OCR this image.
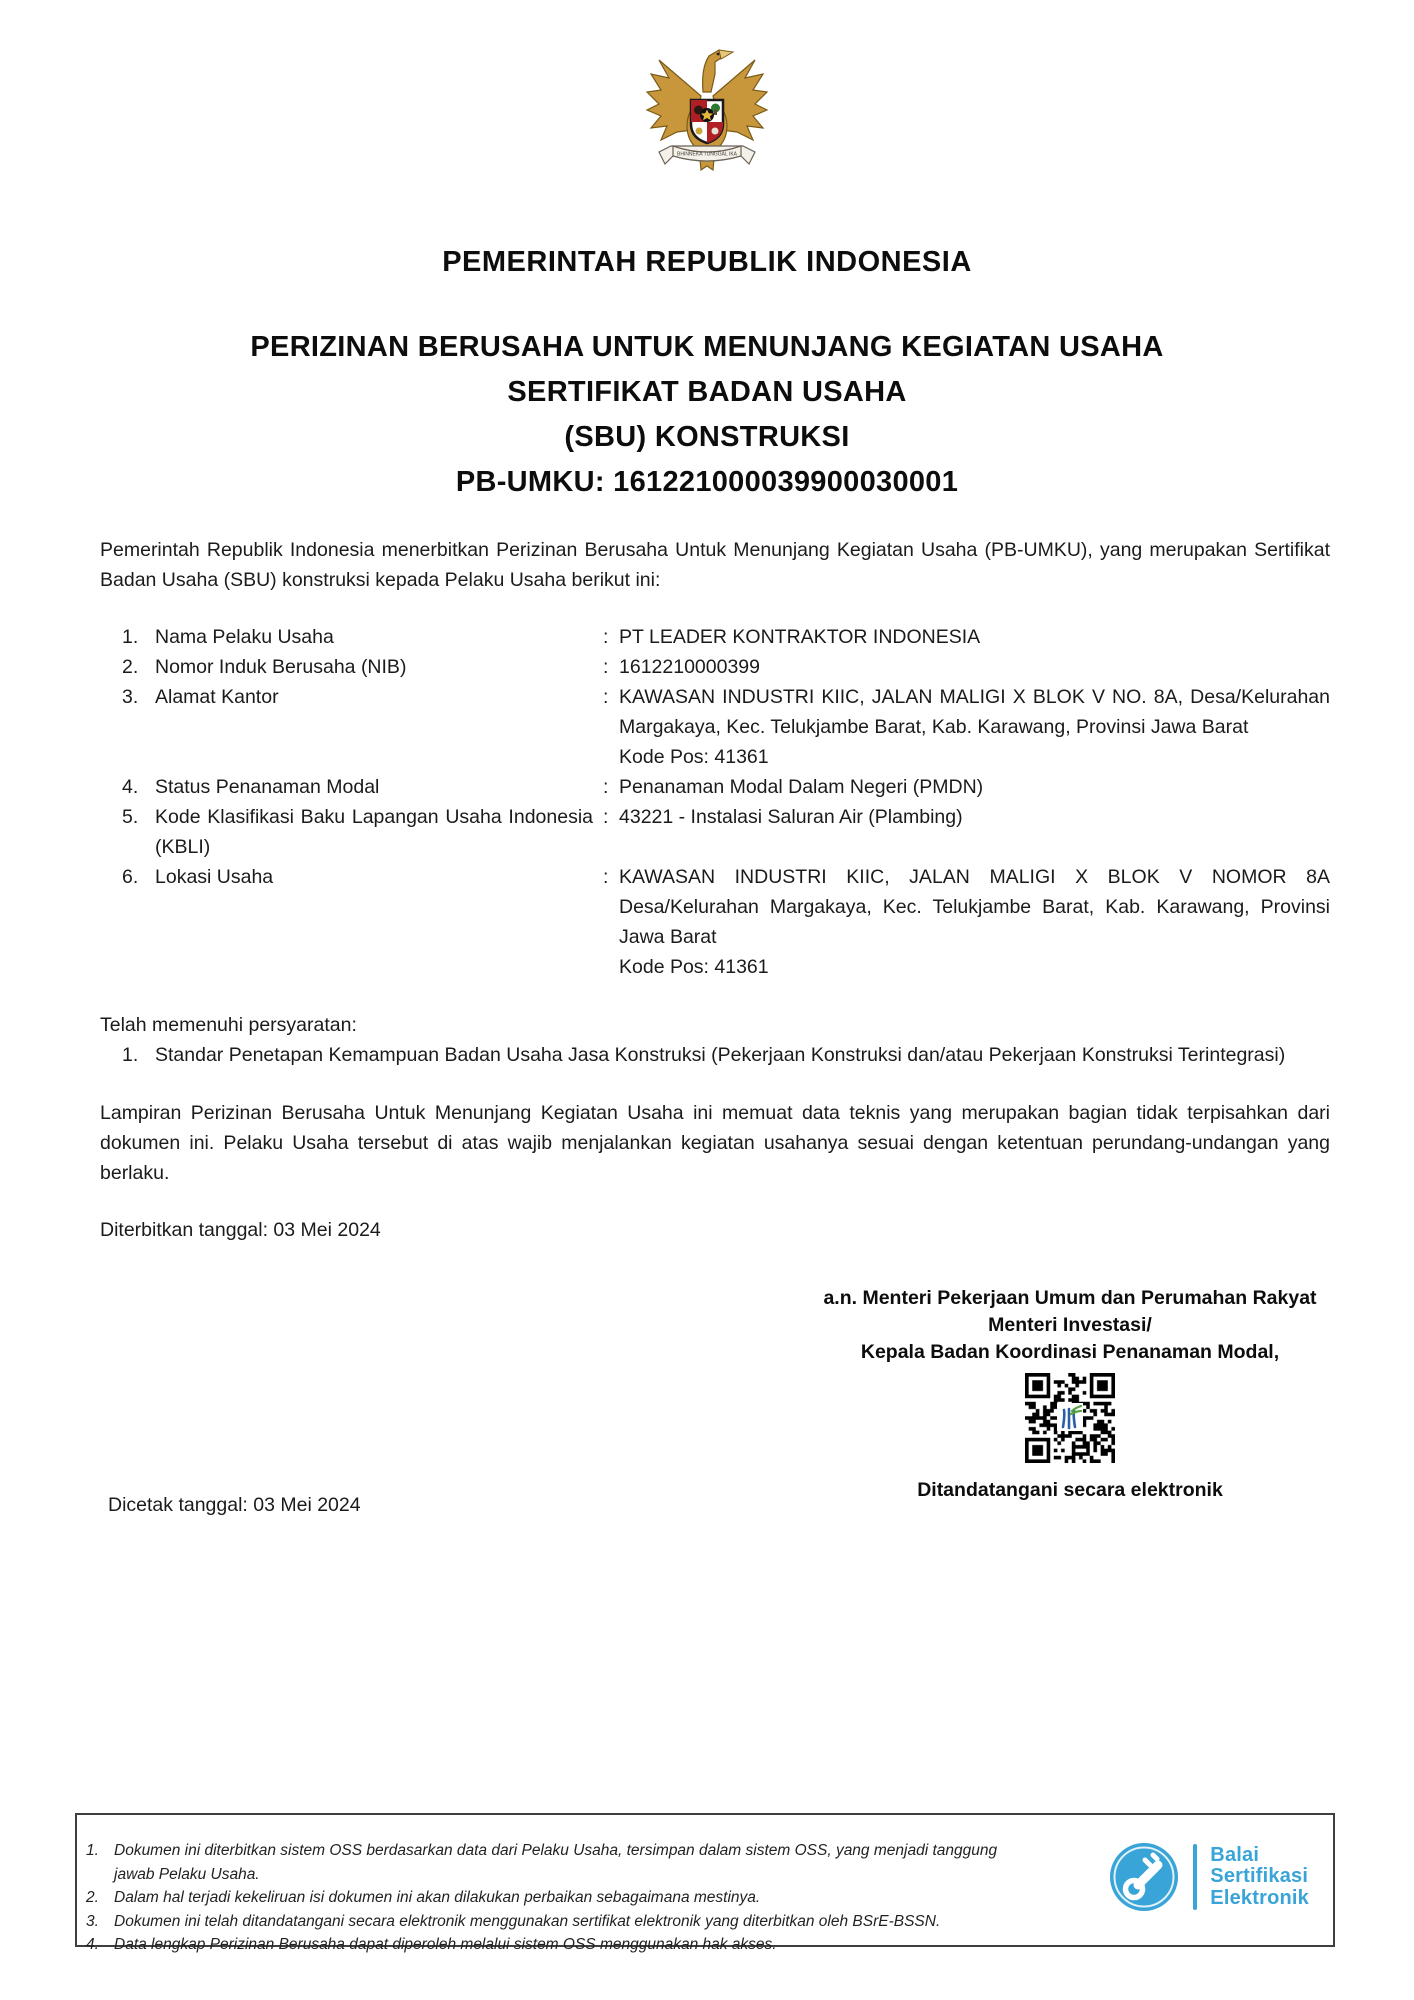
BHINNEKA TUNGGAL IKA
PEMERINTAH REPUBLIK INDONESIA
PERIZINAN BERUSAHA UNTUK MENUNJANG KEGIATAN USAHA
SERTIFIKAT BADAN USAHA
(SBU) KONSTRUKSI
PB-UMKU: 161221000039900030001

Pemerintah Republik Indonesia menerbitkan Perizinan Berusaha Untuk Menunjang Kegiatan Usaha (PB-UMKU), yang merupakan Sertifikat Badan Usaha (SBU) konstruksi kepada Pelaku Usaha berikut ini:

1. Nama Pelaku Usaha	: PT LEADER KONTRAKTOR INDONESIA
2. Nomor Induk Berusaha (NIB)	: 1612210000399
3. Alamat Kantor	: KAWASAN INDUSTRI KIIC, JALAN MALIGI X BLOK V NO. 8A, Desa/Kelurahan Margakaya, Kec. Telukjambe Barat, Kab. Karawang, Provinsi Jawa Barat
Kode Pos: 41361
4. Status Penanaman Modal	: Penanaman Modal Dalam Negeri (PMDN)
5. Kode Klasifikasi Baku Lapangan Usaha Indonesia (KBLI)
: 43221 - Instalasi Saluran Air (Plambing)
6. Lokasi Usaha	: KAWASAN INDUSTRI KIIC, JALAN MALIGI X BLOK V NOMOR 8A Desa/Kelurahan Margakaya, Kec. Telukjambe Barat, Kab. Karawang, Provinsi Jawa Barat
Kode Pos: 41361

Telah memenuhi persyaratan:

1. Standar Penetapan Kemampuan Badan Usaha Jasa Konstruksi (Pekerjaan Konstruksi dan/atau Pekerjaan Konstruksi Terintegrasi)

Lampiran Perizinan Berusaha Untuk Menunjang Kegiatan Usaha ini memuat data teknis yang merupakan bagian tidak terpisahkan dari dokumen ini. Pelaku Usaha tersebut di atas wajib menjalankan kegiatan usahanya sesuai dengan ketentuan perundang-undangan yang berlaku.

Diterbitkan tanggal: 03 Mei 2024

a.n. Menteri Pekerjaan Umum dan Perumahan Rakyat
Menteri Investasi/
Kepala Badan Koordinasi Penanaman Modal,
Ditandatangani secara elektronik

Dicetak tanggal: 03 Mei 2024

1. Dokumen ini diterbitkan sistem OSS berdasarkan data dari Pelaku Usaha, tersimpan dalam sistem OSS, yang menjadi tanggung jawab Pelaku Usaha.
2. Dalam hal terjadi kekeliruan isi dokumen ini akan dilakukan perbaikan sebagaimana mestinya.
3. Dokumen ini telah ditandatangani secara elektronik menggunakan sertifikat elektronik yang diterbitkan oleh BSrE-BSSN.
4. Data lengkap Perizinan Berusaha dapat diperoleh melalui sistem OSS menggunakan hak akses.
Balai
Sertifikasi
Elektronik
